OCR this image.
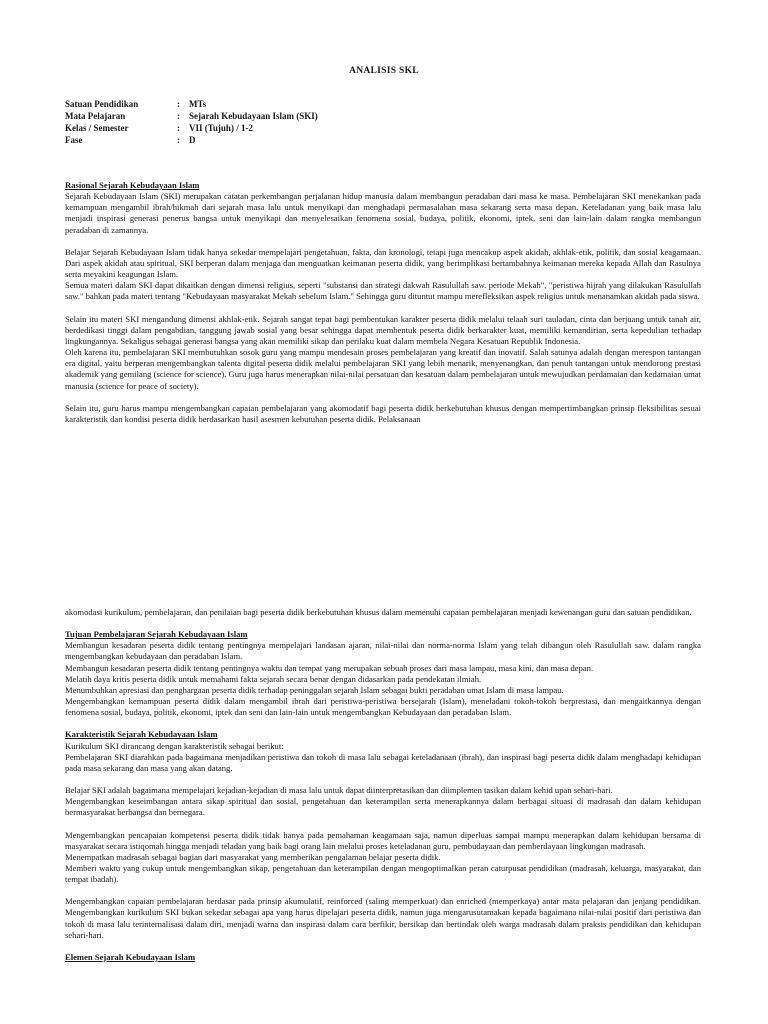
ANALISIS SKL
Satuan Pendidikan	:	MTs
Mata Pelajaran	:	Sejarah Kebudayaan Islam (SKI)
Kelas / Semester	:	VII (Tujuh) / 1-2
Fase	:	D

Rasional Sejarah Kebudayaan Islam

Sejarah Kebudayaan Islam (SKI) merupakan catatan perkembangan perjalanan hidup manusia dalam membangun peradaban dari masa ke masa. Pembelajaran SKI menekankan pada kemampuan mengambil ibrah/hikmah dari sejarah masa lalu untuk menyikapi dan menghadapi permasalahan masa sekarang serta masa depan. Keteladanan yang baik masa lalu menjadi inspirasi generasi penerus bangsa untuk menyikapi dan menyelesaikan fenomena sosial, budaya, politik, ekonomi, iptek, seni dan lain-lain dalam rangka membangun peradaban di zamannya.

Belajar Sejarah Kebudayaan Islam tidak hanya sekedar mempelajari pengetahuan, fakta, dan kronologi, tetapi juga mencakup aspek akidah, akhlak-etik, politik, dan sosial keagamaan. Dari aspek akidah atau spiritual, SKI berperan dalam menjaga dan menguatkan keimanan peserta didik, yang berimplikasi bertambahnya keimanan mereka kepada Allah dan Rasulnya serta meyakini keagungan Islam.

Semua materi dalam SKI dapat dikaitkan dengan dimensi religius, seperti "substansi dan strategi dakwah Rasulullah saw. periode Mekah", "peristiwa hijrah yang dilakukan Rasulullah saw." bahkan pada materi tentang "Kebudayaan masyarakat Mekah sebelum Islam." Sehingga guru dituntut mampu merefleksikan aspek religius untuk menanamkan akidah pada siswa.

Selain itu materi SKI mengandung dimensi akhlak-etik. Sejarah sangat tepat bagi pembentukan karakter peserta didik melalui telaah suri tauladan, cinta dan berjuang untuk tanah air, berdedikasi tinggi dalam pengabdian, tanggung jawab sosial yang besar sehingga dapat membentuk peserta didik berkarakter kuat, memiliki kemandirian, serta kepedulian terhadap lingkungannya. Sekaligus sebagai generasi bangsa yang akan memiliki sikap dan perilaku kuat dalam membela Negara Kesatuan Republik Indonesia.

Oleh karena itu, pembelajaran SKI membutuhkan sosok guru yang mampu mendesain proses pembelajaran yang kreatif dan inovatif. Salah satunya adalah dengan merespon tantangan era digital, yaitu berperan mengembangkan talenta digital peserta didik melalui pembelajaran SKI yang lebih menarik, menyenangkan, dan penuh tantangan untuk mendorong prestasi akademik yang gemilang (science for science). Guru juga harus menerapkan nilai-nilai persatuan dan kesatuan dalam pembelajaran untuk mewujudkan perdamaian dan kedamaian umat manusia (science for peace of society).

Selain itu, guru harus mampu mengembangkan capaian pembelajaran yang akomodatif bagi peserta didik berkebutuhan khusus dengan mempertimbangkan prinsip fleksibilitas sesuai karakteristik dan kondisi peserta didik berdasarkan hasil asesmen kebutuhan peserta didik. Pelaksanaan

akomodasi kurikulum, pembelajaran, dan penilaian bagi peserta didik berkebutuhan khusus dalam memenuhi capaian pembelajaran menjadi kewenangan guru dan satuan pendidikan.

Tujuan Pembelajaran Sejarah Kebudayaan Islam

Membangun kesadaran peserta didik tentang pentingnya mempelajari landasan ajaran, nilai-nilai dan norma-norma Islam yang telah dibangun oleh Rasulullah saw. dalam rangka mengembangkan kebudayaan dan peradaban Islam.

Membangun kesadaran peserta didik tentang pentingnya waktu dan tempat yang merupakan sebuah proses dari masa lampau, masa kini, dan masa depan.

Melatih daya kritis peserta didik untuk memahami fakta sejarah secara benar dengan didasarkan pada pendekatan ilmiah.

Menumbuhkan apresiasi dan penghargaan peserta didik terhadap peninggalan sejarah Islam sebagai bukti peradaban umat Islam di masa lampau.

Mengembangkan kemampuan peserta didik dalam mengambil ibrah dari peristiwa-peristiwa bersejarah (Islam), meneladani tokoh-tokoh berprestasi, dan mengaitkannya dengan fenomena sosial, budaya, politik, ekonomi, iptek dan seni dan lain-lain untuk mengembangkan Kebudayaan dan peradaban Islam.

Karakteristik Sejarah Kebudayaan Islam

Kurikulum SKI dirancang dengan karakteristik sebagai berikut:

Pembelajaran SKI diarahkan pada bagaimana menjadikan peristiwa dan tokoh di masa lalu sebagai keteladanaan (ibrah), dan inspirasi bagi peserta didik dalam menghadapi kehidupan pada masa sekarang dan masa yang akan datang.

Belajar SKI adalah bagaimana mempelajari kejadian-kejadian di masa lalu untuk dapat diinterpretasikan dan diimplemen tasikan dalam kehid upan sehari-hari.

Mengembangkan keseimbangan antara sikap spiritual dan sosial, pengetahuan dan keterampilan serta menerapkannya dalam berbagai situasi di madrasah dan dalam kehidupan bermasyarakat berbangsa dan bernegara.

Mengembangkan pencapaian kompetensi peserta didik tidak hanya pada pemahaman keagamaan saja, namun diperluas sampai mampu menerapkan dalam kehidupan bersama di masyarakat secara istiqomah hingga menjadi teladan yang baik bagi orang lain melalui proses keteladanan guru, pembudayaan dan pemberdayaan lingkungan madrasah.

Menempatkan madrasah sebagai bagian dari masyarakat yang memberikan pengalaman belajar peserta didik.

Memberi waktu yang cukup untuk mengembangkan sikap, pengetahuan dan keterampilan dengan mengoptimalkan peran caturpusat pendidikan (madrasah, keluarga, masyarakat, dan tempat ibadah).

Mengembangkan capaian pembelajaran berdasar pada prinsip akumulatif, reinforced (saling memperkuat) dan enriched (memperkaya) antar mata pelajaran dan jenjang pendidikan. Mengembangkan kurikulum SKI bukan sekedar sebagai apa yang harus dipelajari peserta didik, namun juga mengarusutamakan kepada bagaimana nilai-nilai positif dari peristiwa dan tokoh di masa lalu terinternalisasi dalam diri, menjadi warna dan inspirasi dalam cara berfikir, bersikap dan bertindak oleh warga madrasah dalam praksis pendidikan dan kehidupan sehari-hari.

Elemen Sejarah Kebudayaan Islam
